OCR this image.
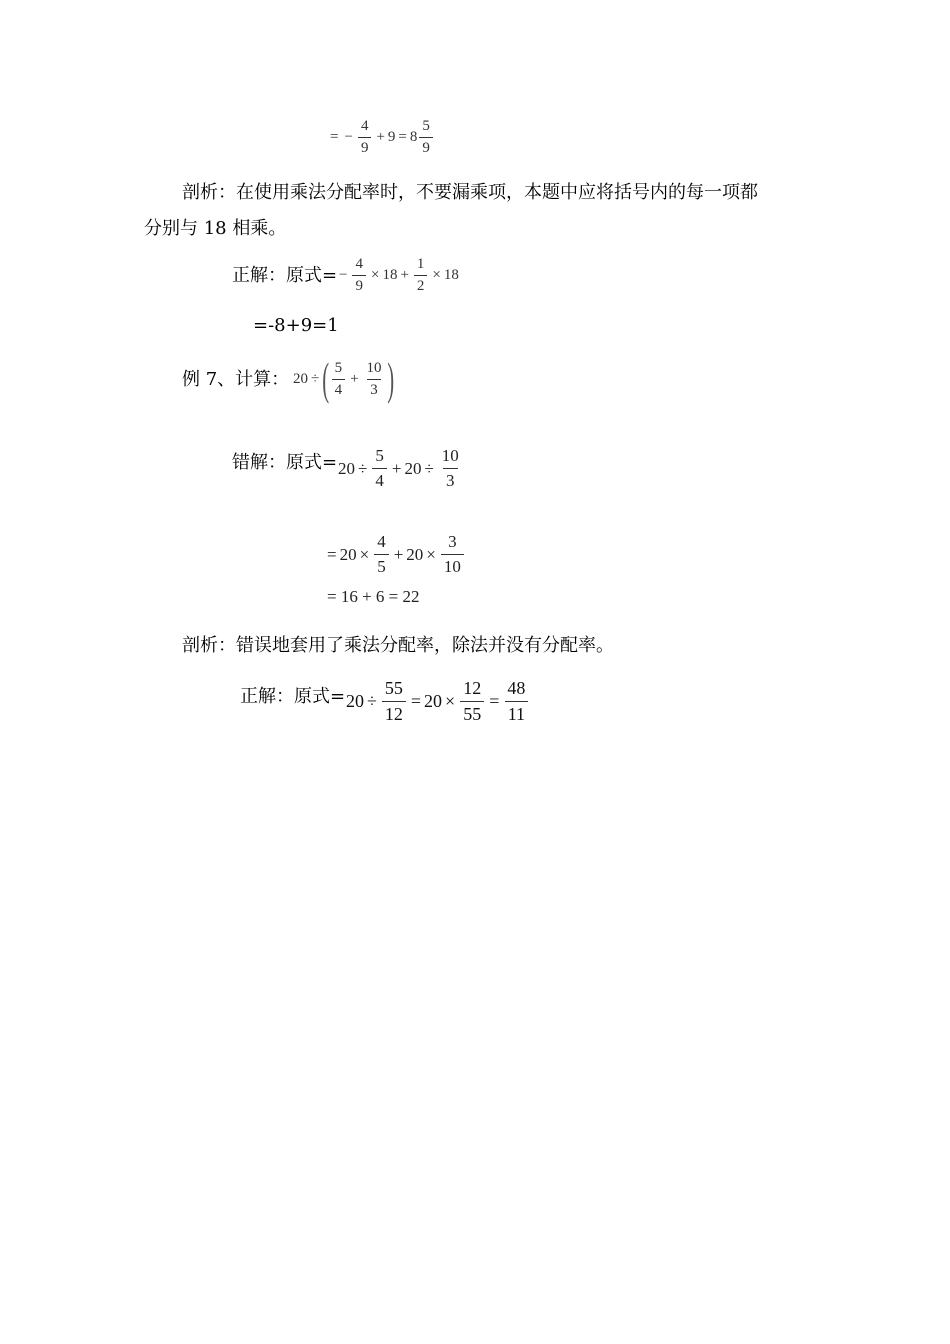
= − $\frac{4}{9} + 9 = 8 \frac{5}{9}$
剖析：在使用乘法分配率时，不要漏乘项，本题中应将括号内的每一项都
分别与 18 相乘。
正解：原式= − $\frac{4}{9} \times 18 + \frac{1}{2} \times 18$
=-8+9=1
例 7、计算： 20 ÷ ( $\frac{5}{4} + \frac{10}{3}$ )
错解：原式= $20 \div \frac{5}{4} + 20 \div \frac{10}{3}$
= $20 \times \frac{4}{5} + 20 \times \frac{3}{10}$
= 16 + 6 = 22
剖析：错误地套用了乘法分配率，除法并没有分配率。
正解：原式= $20 \div \frac{55}{12} = 20 \times \frac{12}{55} = \frac{48}{11}$
